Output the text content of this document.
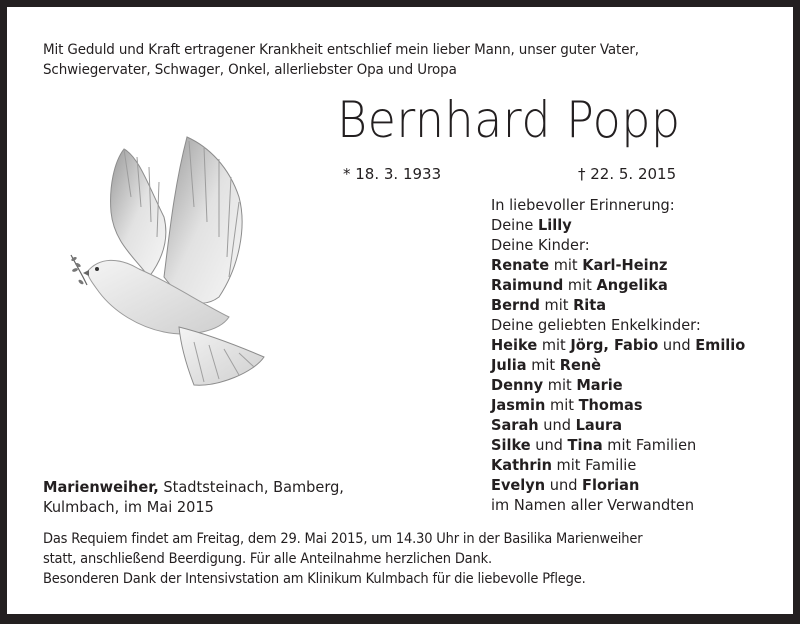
Mit Geduld und Kraft ertragener Krankheit entschlief mein lieber Mann, unser guter Vater,
Schwiegervater, Schwager, Onkel, allerliebster Opa und Uropa
Bernhard Popp
* 18. 3. 1933	† 22. 5. 2015
In liebevoller Erinnerung:
Deine Lilly
Deine Kinder:
Renate mit Karl-Heinz
Raimund mit Angelika
Bernd mit Rita
Deine geliebten Enkelkinder:
Heike mit Jörg, Fabio und Emilio
Julia mit Renè
Denny mit Marie
Jasmin mit Thomas
Sarah und Laura
Silke und Tina mit Familien
Kathrin mit Familie
Evelyn und Florian
im Namen aller Verwandten
Marienweiher, Stadtsteinach, Bamberg,
Kulmbach, im Mai 2015
Das Requiem findet am Freitag, dem 29. Mai 2015, um 14.30 Uhr in der Basilika Marienweiher
statt, anschließend Beerdigung. Für alle Anteilnahme herzlichen Dank.
Besonderen Dank der Intensivstation am Klinikum Kulmbach für die liebevolle Pflege.
